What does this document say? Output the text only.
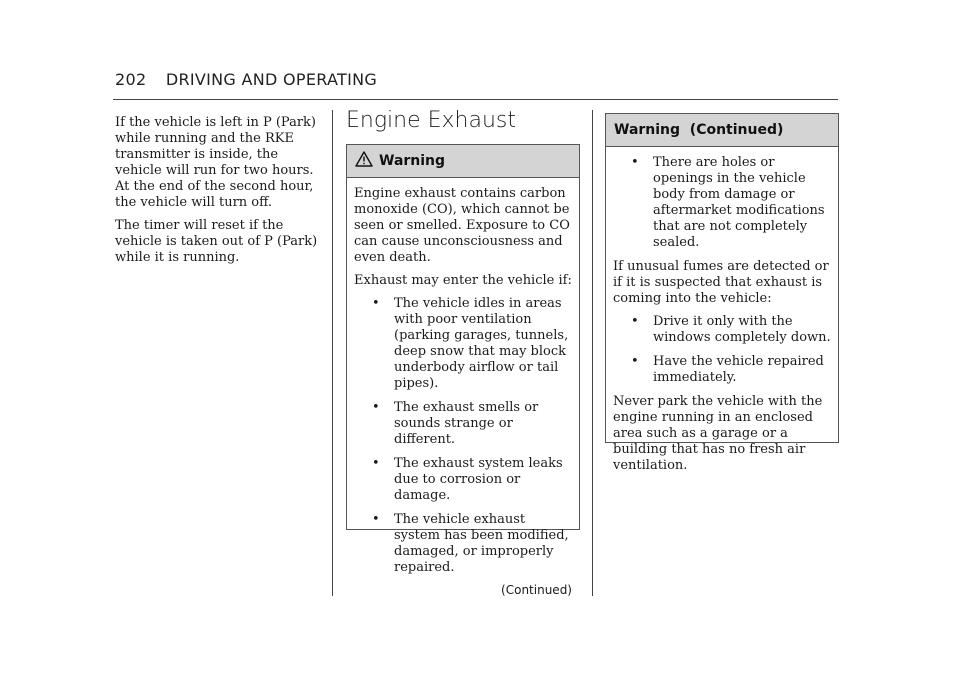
202 DRIVING AND OPERATING

If the vehicle is left in P (Park) while running and the RKE transmitter is inside, the vehicle will run for two hours. At the end of the second hour, the vehicle will turn off.

The timer will reset if the vehicle is taken out of P (Park) while it is running.

Engine Exhaust
Warning

Engine exhaust contains carbon monoxide (CO), which cannot be seen or smelled. Exposure to CO can cause unconsciousness and even death.

Exhaust may enter the vehicle if:

• The vehicle idles in areas with poor ventilation (parking garages, tunnels, deep snow that may block underbody airflow or tail pipes).
• The exhaust smells or sounds strange or different.
• The exhaust system leaks due to corrosion or damage.
• The vehicle exhaust system has been modified, damaged, or improperly repaired.
(Continued)
Warning  (Continued)
• There are holes or openings in the vehicle body from damage or aftermarket modifications that are not completely sealed.

If unusual fumes are detected or if it is suspected that exhaust is coming into the vehicle:

• Drive it only with the windows completely down.
• Have the vehicle repaired immediately.

Never park the vehicle with the engine running in an enclosed area such as a garage or a building that has no fresh air ventilation.
